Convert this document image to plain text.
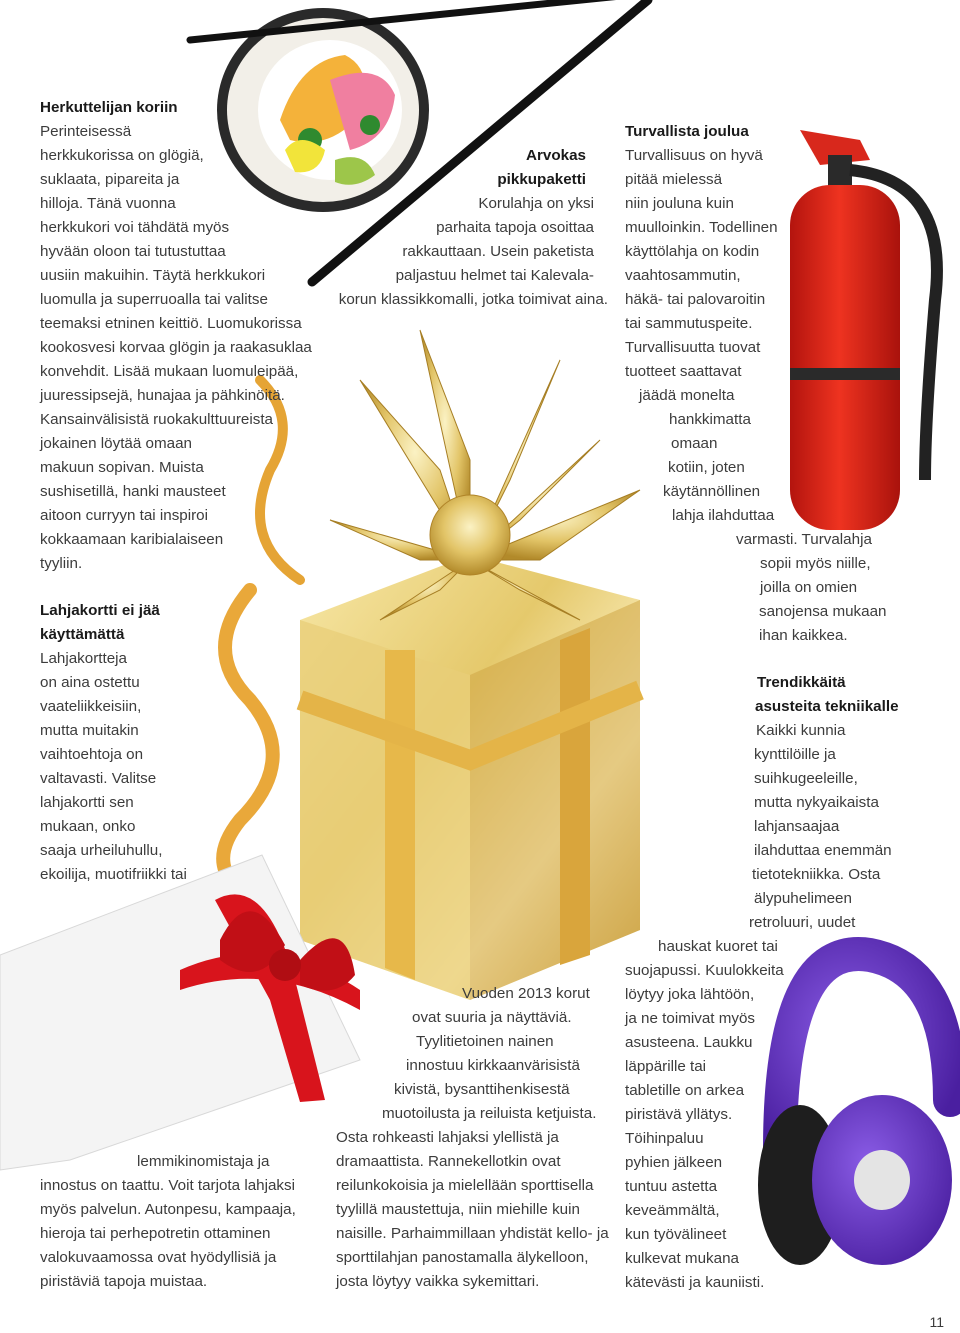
Herkuttelijan koriin
Perinteisessä
herkkukorissa on glögiä,
suklaata, pipareita ja
hilloja. Tänä vuonna
herkkukori voi tähdätä myös
hyvään oloon tai tutustuttaa
uusiin makuihin. Täytä herkkukori
luomulla ja superruoalla tai valitse
teemaksi etninen keittiö. Luomukorissa
kookosvesi korvaa glögin ja raakasuklaa
konvehdit. Lisää mukaan luomuleipää,
juuressipsejä, hunajaa ja pähkinöitä.
Kansainvälisistä ruokakulttuureista
jokainen löytää omaan
makuun sopivan. Muista
sushisetillä, hanki mausteet
aitoon curryyn tai inspiroi
kokkaamaan karibialaiseen
tyyliin.
Lahjakortti ei jää
käyttämättä
Lahjakortteja
on aina ostettu
vaateliikkeisiin,
mutta muitakin
vaihtoehtoja on
valtavasti. Valitse
lahjakortti sen
mukaan, onko
saaja urheiluhullu,
ekoilija, muotifriikki tai
lemmikinomistaja ja
innostus on taattu. Voit tarjota lahjaksi
myös palvelun. Autonpesu, kampaaja,
hieroja tai perhepotretin ottaminen
valokuvaamossa ovat hyödyllisiä ja
piristäviä tapoja muistaa.
Arvokas
pikkupaketti
Korulahja on yksi
parhaita tapoja osoittaa
rakkauttaan. Usein paketista
paljastuu helmet tai Kalevala-
korun klassikkomalli, jotka toimivat aina.
Vuoden 2013 korut
ovat suuria ja näyttäviä.
Tyylitietoinen nainen
innostuu kirkkaanvärisistä
kivistä, bysanttihenkisestä
muotoilusta ja reiluista ketjuista.
Osta rohkeasti lahjaksi ylellistä ja
dramaattista. Rannekellotkin ovat
reilunkokoisia ja mielellään sporttisella
tyylillä maustettuja, niin miehille kuin
naisille. Parhaimmillaan yhdistät kello- ja
sporttilahjan panostamalla älykelloon,
josta löytyy vaikka sykemittari.
Turvallista joulua
Turvallisuus on hyvä
pitää mielessä
niin jouluna kuin
muulloinkin. Todellinen
käyttölahja on kodin
vaahtosammutin,
häkä- tai palovaroitin
tai sammutuspeite.
Turvallisuutta tuovat
tuotteet saattavat
jäädä monelta
hankkimatta
omaan
kotiin, joten
käytännöllinen
lahja ilahduttaa
varmasti. Turvalahja
sopii myös niille,
joilla on omien
sanojensa mukaan
ihan kaikkea.
Trendikkäitä
asusteita tekniikalle
Kaikki kunnia
kynttilöille ja
suihkugeeleille,
mutta nykyaikaista
lahjansaajaa
ilahduttaa enemmän
tietotekniikka. Osta
älypuhelimeen
retroluuri, uudet
hauskat kuoret tai
suojapussi. Kuulokkeita
löytyy joka lähtöön,
ja ne toimivat myös
asusteena. Laukku
läppärille tai
tabletille on arkea
piristävä yllätys.
Töihinpaluu
pyhien jälkeen
tuntuu astetta
keveämmältä,
kun työvälineet
kulkevat mukana
kätevästi ja kauniisti.
11
